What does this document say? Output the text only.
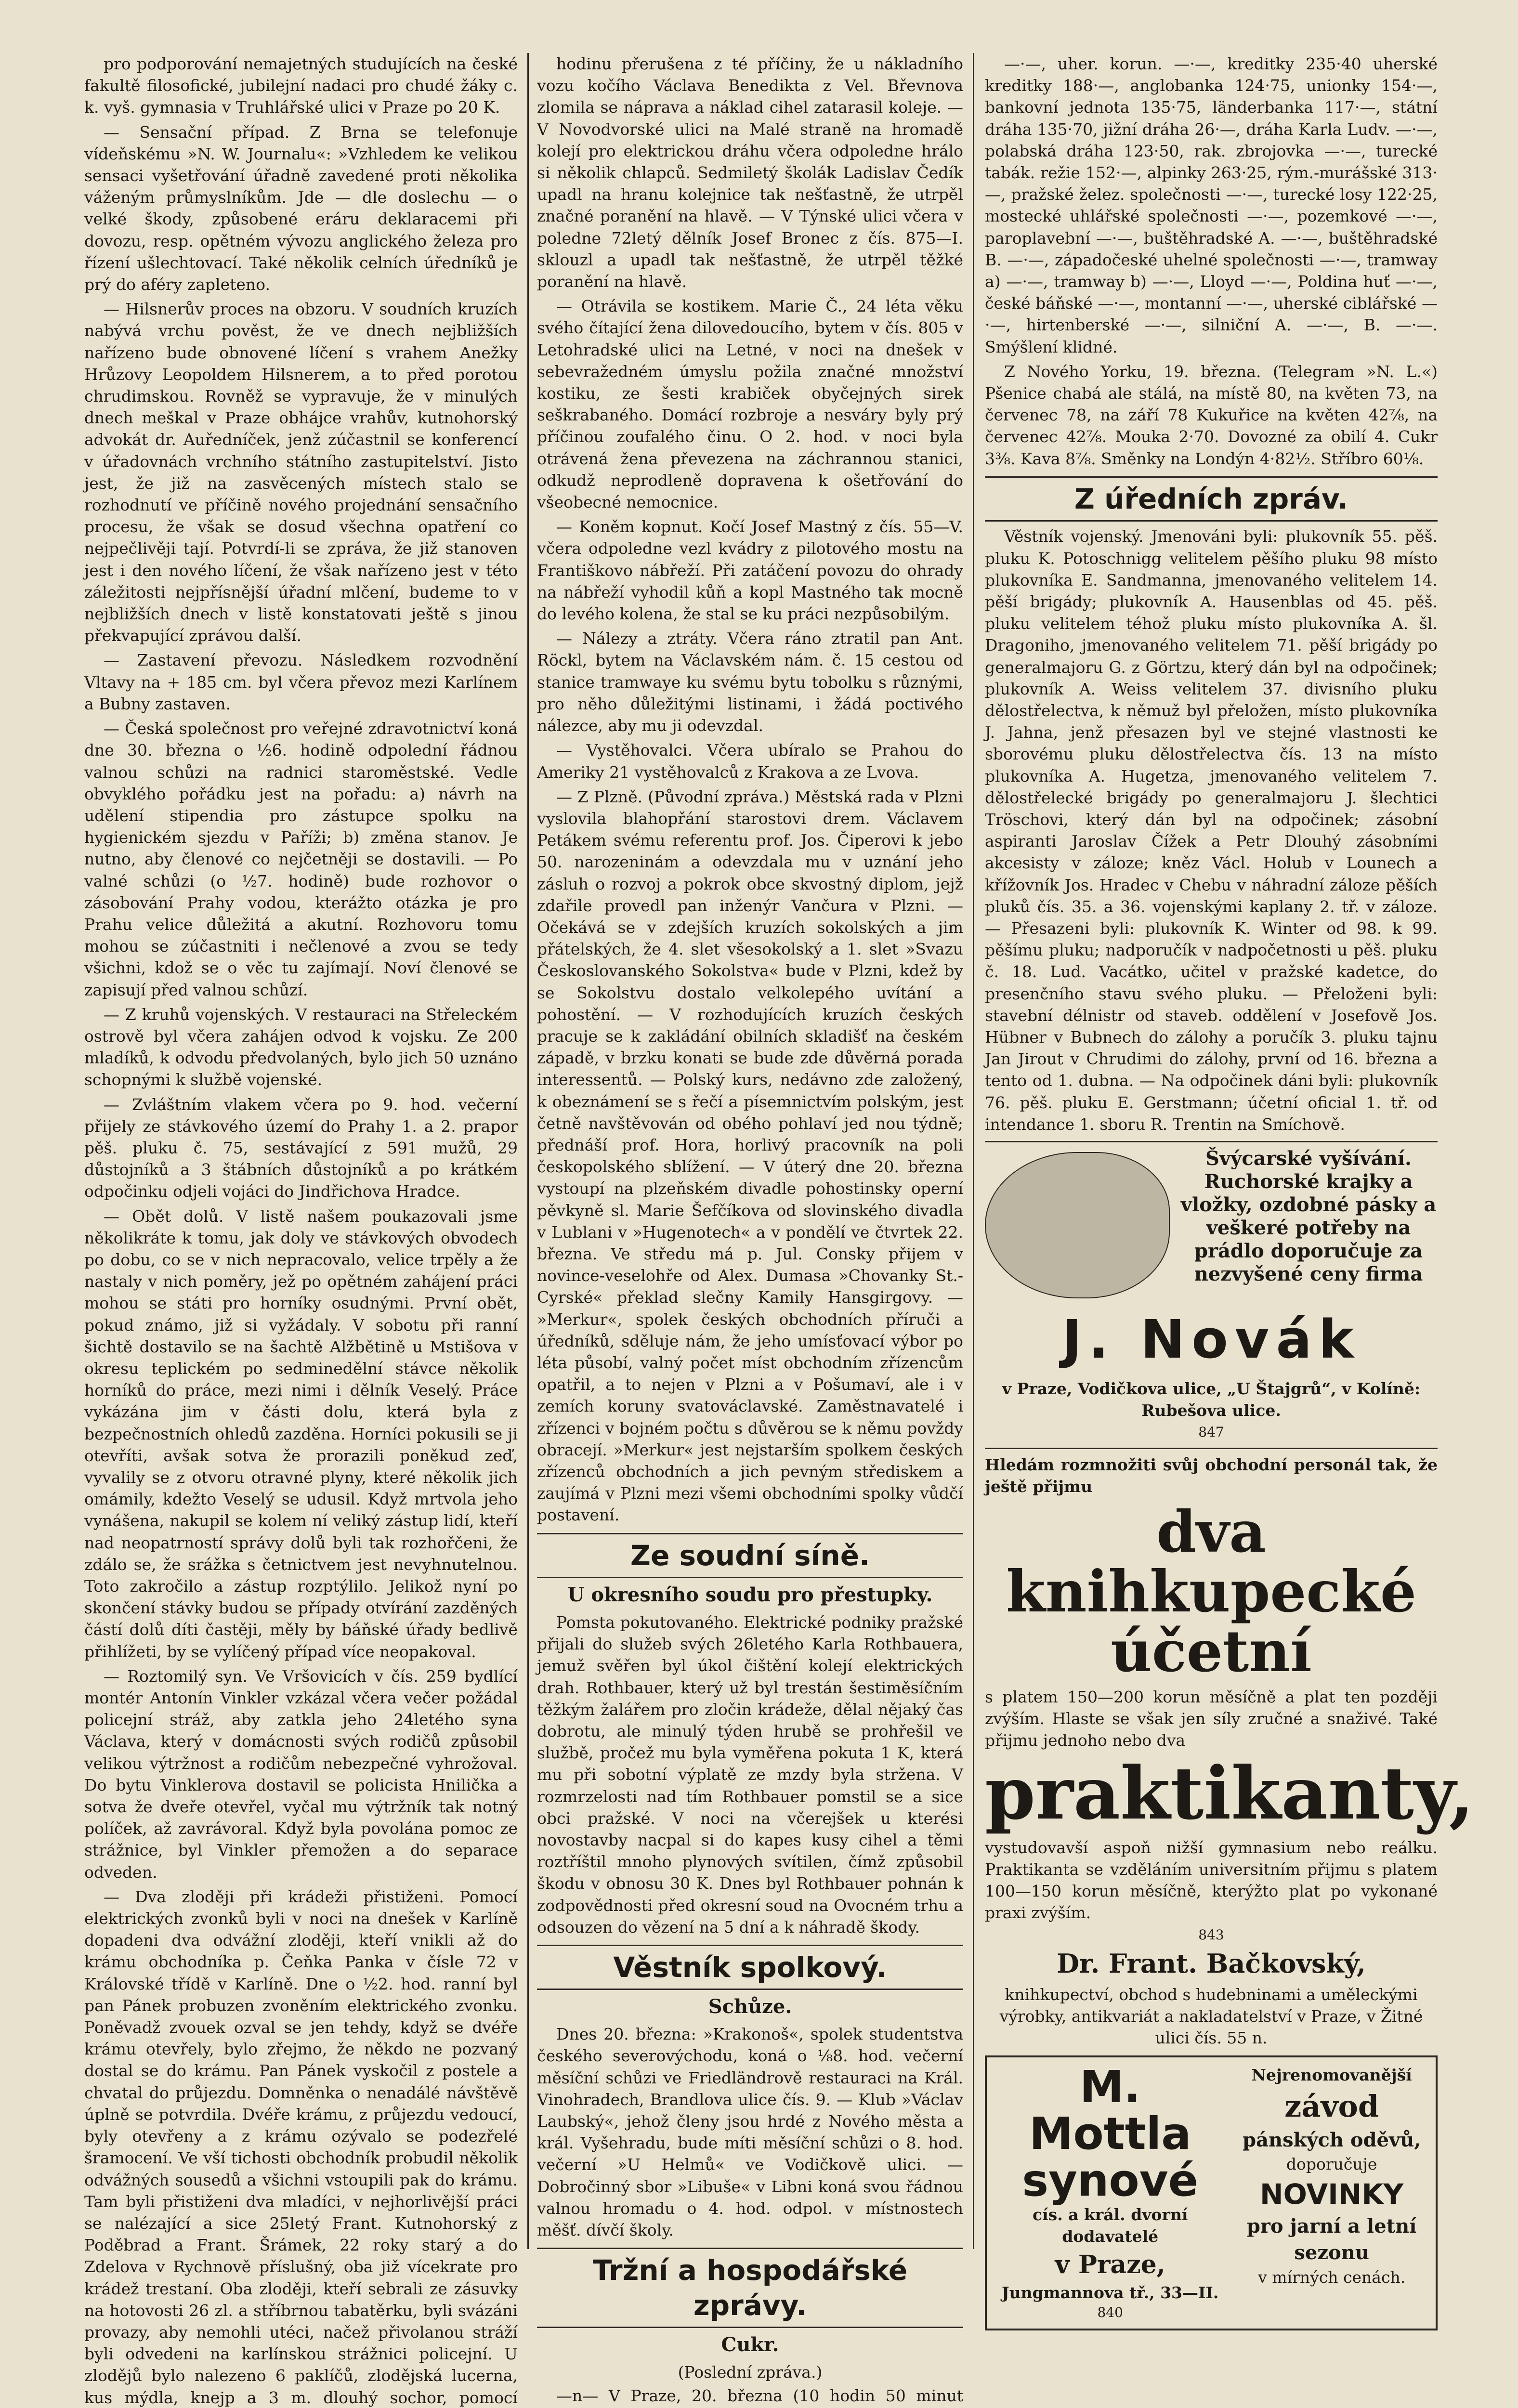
pro podporování nemajetných studujících na české fakultě filosofické, jubilejní nadaci pro chudé žáky c. k. vyš. gymnasia v Truhlářské ulici v Praze po 20 K.

— Sensační případ. Z Brna se telefonuje vídeňskému »N. W. Journalu«: »Vzhledem ke velikou sensaci vyšetřování úřadně zavedené proti několika váženým průmyslníkům. Jde — dle doslechu — o velké škody, způsobené eráru deklaracemi při dovozu, resp. opětném vývozu anglického železa pro řízení ušlechtovací. Také několik celních úředníků je prý do aféry zapleteno.

— Hilsnerův proces na obzoru. V soudních kruzích nabývá vrchu pověst, že ve dnech nejbližších nařízeno bude obnovené líčení s vrahem Anežky Hrůzovy Leopoldem Hilsnerem, a to před porotou chrudimskou. Rovněž se vypravuje, že v minulých dnech meškal v Praze obhájce vrahův, kutnohorský advokát dr. Auředníček, jenž zúčastnil se konferencí v úřadovnách vrchního státního zastupitelství. Jisto jest, že již na zasvěcených místech stalo se rozhodnutí ve příčině nového projednání sensačního procesu, že však se dosud všechna opatření co nejpečlivěji tají. Potvrdí-li se zpráva, že již stanoven jest i den nového líčení, že však nařízeno jest v této záležitosti nejpřísnější úřadní mlčení, budeme to v nejbližších dnech v listě konstatovati ještě s jinou překvapující zprávou další.

— Zastavení převozu. Následkem rozvodnění Vltavy na + 185 cm. byl včera převoz mezi Karlínem a Bubny zastaven.

— Česká společnost pro veřejné zdravotnictví koná dne 30. března o ½6. hodině odpolední řádnou valnou schůzi na radnici staroměstské. Vedle obvyklého pořádku jest na pořadu: a) návrh na udělení stipendia pro zástupce spolku na hygienickém sjezdu v Paříži; b) změna stanov. Je nutno, aby členové co nejčetněji se dostavili. — Po valné schůzi (o ½7. hodině) bude rozhovor o zásobování Prahy vodou, kterážto otázka je pro Prahu velice důležitá a akutní. Rozhovoru tomu mohou se zúčastniti i nečlenové a zvou se tedy všichni, kdož se o věc tu zajímají. Noví členové se zapisují před valnou schůzí.

— Z kruhů vojenských. V restauraci na Střeleckém ostrově byl včera zahájen odvod k vojsku. Ze 200 mladíků, k odvodu předvolaných, bylo jich 50 uznáno schopnými k službě vojenské.

— Zvláštním vlakem včera po 9. hod. večerní přijely ze stávkového území do Prahy 1. a 2. prapor pěš. pluku č. 75, sestávající z 591 mužů, 29 důstojníků a 3 štábních důstojníků a po krátkém odpočinku odjeli vojáci do Jindřichova Hradce.

— Obět dolů. V listě našem poukazovali jsme několikráte k tomu, jak doly ve stávkových obvodech po dobu, co se v nich nepracovalo, velice trpěly a že nastaly v nich poměry, jež po opětném zahájení práci mohou se státi pro horníky osudnými. První obět, pokud známo, již si vyžádaly. V sobotu při ranní šichtě dostavilo se na šachtě Alžbětině u Mstišova v okresu teplickém po sedminedělní stávce několik horníků do práce, mezi nimi i dělník Veselý. Práce vykázána jim v části dolu, která byla z bezpečnostních ohledů zazděna. Horníci pokusili se ji otevříti, avšak sotva že prorazili poněkud zeď, vyvalily se z otvoru otravné plyny, které několik jich omámily, kdežto Veselý se udusil. Když mrtvola jeho vynášena, nakupil se kolem ní veliký zástup lidí, kteří nad neopatrností správy dolů byli tak rozhořčeni, že zdálo se, že srážka s četnictvem jest nevyhnutelnou. Toto zakročilo a zástup rozptýlilo. Jelikož nyní po skončení stávky budou se případy otvírání zazděných částí dolů díti častěji, měly by báňské úřady bedlivě přihlížeti, by se vylíčený případ více neopakoval.

— Roztomilý syn. Ve Vršovicích v čís. 259 bydlící montér Antonín Vinkler vzkázal včera večer požádal policejní stráž, aby zatkla jeho 24letého syna Václava, který v domácnosti svých rodičů způsobil velikou výtržnost a rodičům nebezpečné vyhrožoval. Do bytu Vinklerova dostavil se policista Hnilička a sotva že dveře otevřel, vyčal mu výtržník tak notný políček, až zavrávoral. Když byla povolána pomoc ze strážnice, byl Vinkler přemožen a do separace odveden.

— Dva zloději při krádeži přistiženi. Pomocí elektrických zvonků byli v noci na dnešek v Karlíně dopadeni dva odvážní zloději, kteří vnikli až do krámu obchodníka p. Čeňka Panka v čísle 72 v Královské třídě v Karlíně. Dne o ½2. hod. ranní byl pan Pánek probuzen zvoněním elektrického zvonku. Poněvadž zvouek ozval se jen tehdy, když se dvéře krámu otevřely, bylo zřejmo, že někdo ne pozvaný dostal se do krámu. Pan Pánek vyskočil z postele a chvatal do průjezdu. Domněnka o nenadálé návštěvě úplně se potvrdila. Dvéře krámu, z průjezdu vedoucí, byly otevřeny a z krámu ozývalo se podezřelé šramocení. Ve vší tichosti obchodník probudil několik odvážných sousedů a všichni vstoupili pak do krámu. Tam byli přistiženi dva mladíci, v nejhorlivější práci se nalézající a sice 25letý Frant. Kutnohorský z Poděbrad a Frant. Šrámek, 22 roky starý a do Zdelova v Rychnově příslušný, oba již vícekrate pro krádež trestaní. Oba zloději, kteří sebrali ze zásuvky na hotovosti 26 zl. a stříbrnou tabatěrku, byli svázáni provazy, aby nemohli utéci, načež přivolanou stráží byli odvedeni na karlínskou strážnici policejní. U zlodějů bylo nalezeno 6 paklíčů, zlodějská lucerna, kus mýdla, knejp a 3 m. dlouhý sochor, pomocí

hodinu přerušena z té příčiny, že u nákladního vozu kočího Václava Benedikta z Vel. Břevnova zlomila se náprava a náklad cihel zatarasil koleje. — V Novodvorské ulici na Malé straně na hromadě kolejí pro elektrickou dráhu včera odpoledne hrálo si několik chlapců. Sedmiletý školák Ladislav Čedík upadl na hranu kolejnice tak nešťastně, že utrpěl značné poranění na hlavě. — V Týnské ulici včera v poledne 72letý dělník Josef Bronec z čís. 875—I. sklouzl a upadl tak nešťastně, že utrpěl těžké poranění na hlavě.

— Otrávila se kostikem. Marie Č., 24 léta věku svého čítající žena dilovedoucího, bytem v čís. 805 v Letohradské ulici na Letné, v noci na dnešek v sebevražedném úmyslu požila značné množství kostiku, ze šesti krabiček obyčejných sirek seškrabaného. Domácí rozbroje a nesváry byly prý příčinou zoufalého činu. O 2. hod. v noci byla otrávená žena převezena na záchrannou stanici, odkudž neprodleně dopravena k ošetřování do všeobecné nemocnice.

— Koněm kopnut. Kočí Josef Mastný z čís. 55—V. včera odpoledne vezl kvádry z pilotového mostu na Františkovo nábřeží. Při zatáčení povozu do ohrady na nábřeží vyhodil kůň a kopl Mastného tak mocně do levého kolena, že stal se ku práci nezpůsobilým.

— Nálezy a ztráty. Včera ráno ztratil pan Ant. Röckl, bytem na Václavském nám. č. 15 cestou od stanice tramwaye ku svému bytu tobolku s různými, pro něho důležitými listinami, i žádá poctivého nálezce, aby mu ji odevzdal.

— Vystěhovalci. Včera ubíralo se Prahou do Ameriky 21 vystěhovalců z Krakova a ze Lvova.

— Z Plzně. (Původní zpráva.) Městská rada v Plzni vyslovila blahopřání starostovi drem. Václavem Petákem svému referentu prof. Jos. Čiperovi k jebo 50. narozeninám a odevzdala mu v uznání jeho zásluh o rozvoj a pokrok obce skvostný diplom, jejž zdařile provedl pan inženýr Vančura v Plzni. — Očekává se v zdejších kruzích sokolských a jim přátelských, že 4. slet všesokolský a 1. slet »Svazu Českoslovanského Sokolstva« bude v Plzni, kdež by se Sokolstvu dostalo velkolepého uvítání a pohostění. — V rozhodujících kruzích českých pracuje se k zakládání obilních skladišť na českém západě, v brzku konati se bude zde důvěrná porada interessentů. — Polský kurs, nedávno zde založený, k obeznámení se s řečí a písemnictvím polským, jest četně navštěvován od obého pohlaví jed nou týdně; přednáší prof. Hora, horlivý pracovník na poli českopolského sblížení. — V úterý dne 20. března vystoupí na plzeňském divadle pohostinsky operní pěvkyně sl. Marie Šefčíkova od slovinského divadla v Lublani v »Hugenotech« a v pondělí ve čtvrtek 22. března. Ve středu má p. Jul. Consky přijem v novince-veselohře od Alex. Dumasa »Chovanky St.-Cyrské« překlad slečny Kamily Hansgirgovy. — »Merkur«, spolek českých obchodních příruči a úředníků, sděluje nám, že jeho umísťovací výbor po léta působí, valný počet míst obchodním zřízencům opatřil, a to nejen v Plzni a v Pošumaví, ale i v zemích koruny svatováclavské. Zaměstnavatelé i zřízenci v bojném počtu s důvěrou se k němu povždy obracejí. »Merkur« jest nejstarším spolkem českých zřízenců obchodních a jich pevným střediskem a zaujímá v Plzni mezi všemi obchodními spolky vůdčí postavení.

Ze soudní síně.
U okresního soudu pro přestupky.

Pomsta pokutovaného. Elektrické podniky pražské přijali do služeb svých 26letého Karla Rothbauera, jemuž svěřen byl úkol čištění kolejí elektrických drah. Rothbauer, který už byl trestán šestiměsíčním těžkým žalářem pro zločin krádeže, dělal nějaký čas dobrotu, ale minulý týden hrubě se prohřešil ve službě, pročež mu byla vyměřena pokuta 1 K, která mu při sobotní výplatě ze mzdy byla stržena. V rozmrzelosti nad tím Rothbauer pomstil se a sice obci pražské. V noci na včerejšek u kterési novostavby nacpal si do kapes kusy cihel a těmi roztříštil mnoho plynových svítilen, čímž způsobil škodu v obnosu 30 K. Dnes byl Rothbauer pohnán k zodpovědnosti před okresní soud na Ovocném trhu a odsouzen do vězení na 5 dní a k náhradě škody.

Věstník spolkový.
Schůze.

Dnes 20. března: »Krakonoš«, spolek studentstva českého severovýchodu, koná o ⅛8. hod. večerní měsíční schůzi ve Friedländrově restauraci na Král. Vinohradech, Brandlova ulice čís. 9. — Klub »Václav Laubský«, jehož členy jsou hrdé z Nového města a král. Vyšehradu, bude míti měsíční schůzi o 8. hod. večerní »U Helmů« ve Vodičkově ulici. — Dobročinný sbor »Libuše« v Libni koná svou řádnou valnou hromadu o 4. hod. odpol. v místnostech měšť. dívčí školy.

Tržní a hospodářské zprávy.
Cukr.
(Poslední zpráva.)

—n— V Praze, 20. března (10 hodin 50 minut

—·—, uher. korun. —·—, kreditky 235·40 uherské kreditky 188·—, anglobanka 124·75, unionky 154·—, bankovní jednota 135·75, länderbanka 117·—, státní dráha 135·70, jižní dráha 26·—, dráha Karla Ludv. —·—, polabská dráha 123·50, rak. zbrojovka —·—, turecké tabák. režie 152·—, alpinky 263·25, rým.-murášské 313·—, pražské želez. společnosti —·—, turecké losy 122·25, mostecké uhlářské společnosti —·—, pozemkové —·—, paroplavební —·—, buštěhradské A. —·—, buštěhradské B. —·—, západočeské uhelné společnosti —·—, tramway a) —·—, tramway b) —·—, Lloyd —·—, Poldina huť —·—, české báňské —·—, montanní —·—, uherské ciblářské —·—, hirtenberské —·—, silniční A. —·—, B. —·—. Smýšlení klidné.

Z Nového Yorku, 19. března. (Telegram »N. L.«) Pšenice chabá ale stálá, na místě 80, na květen 73, na červenec 78, na září 78 Kukuřice na květen 42⅞, na červenec 42⅞. Mouka 2·70. Dovozné za obilí 4. Cukr 3⅜. Kava 8⅞. Směnky na Londýn 4·82½. Stříbro 60⅛.

Z úředních zpráv.

Věstník vojenský. Jmenováni byli: plukovník 55. pěš. pluku K. Potoschnigg velitelem pěšího pluku 98 místo plukovníka E. Sandmanna, jmenovaného velitelem 14. pěší brigády; plukovník A. Hausenblas od 45. pěš. pluku velitelem téhož pluku místo plukovníka A. šl. Dragoniho, jmenovaného velitelem 71. pěší brigády po generalmajoru G. z Görtzu, který dán byl na odpočinek; plukovník A. Weiss velitelem 37. divisního pluku dělostřelectva, k němuž byl přeložen, místo plukovníka J. Jahna, jenž přesazen byl ve stejné vlastnosti ke sborovému pluku dělostřelectva čís. 13 na místo plukovníka A. Hugetza, jmenovaného velitelem 7. dělostřelecké brigády po generalmajoru J. šlechtici Tröschovi, který dán byl na odpočinek; zásobní aspiranti Jaroslav Čížek a Petr Dlouhý zásobními akcesisty v záloze; kněz Václ. Holub v Lounech a křížovník Jos. Hradec v Chebu v náhradní záloze pěších pluků čís. 35. a 36. vojenskými kaplany 2. tř. v záloze. — Přesazeni byli: plukovník K. Winter od 98. k 99. pěšímu pluku; nadporučík v nadpočetnosti u pěš. pluku č. 18. Lud. Vacátko, učitel v pražské kadetce, do presenčního stavu svého pluku. — Přeloženi byli: stavební délnistr od staveb. oddělení v Josefově Jos. Hübner v Bubnech do zálohy a poručík 3. pluku tajnu Jan Jirout v Chrudimi do zálohy, první od 16. března a tento od 1. dubna. — Na odpočinek dáni byli: plukovník 76. pěš. pluku E. Gerstmann; účetní oficial 1. tř. od intendance 1. sboru R. Trentin na Smíchově.

Švýcarské vyšívání. Ruchorské krajky a vložky, ozdobné pásky a veškeré potřeby na prádlo doporučuje za nezvyšené ceny firma
J. Novák
v Praze, Vodičkova ulice, „U Štajgrů“, v Kolíně: Rubešova ulice.
847
Hledám rozmnožiti svůj obchodní personál tak, že ještě přijmu
dva knihkupecké účetní
s platem 150—200 korun měsíčně a plat ten později zvýším. Hlaste se však jen síly zručné a snaživé. Také přijmu jednoho nebo dva
praktikanty,
vystudovavší aspoň nižší gymnasium nebo reálku. Praktikanta se vzděláním universitním přijmu s platem 100—150 korun měsíčně, kterýžto plat po vykonané praxi zvýším.
843
Dr. Frant. Bačkovský,
knihkupectví, obchod s hudebninami a uměleckými výrobky, antikvariát a nakladatelství v Praze, v Žitné ulici čís. 55 n.
M. Mottla
synové
cís. a král. dvorní dodavatelé
v Praze,
Jungmannova tř., 33—II.
840
Nejrenomovanější
závod
pánských oděvů,
doporučuje
NOVINKY
pro jarní a letní sezonu
v mírných cenách.
